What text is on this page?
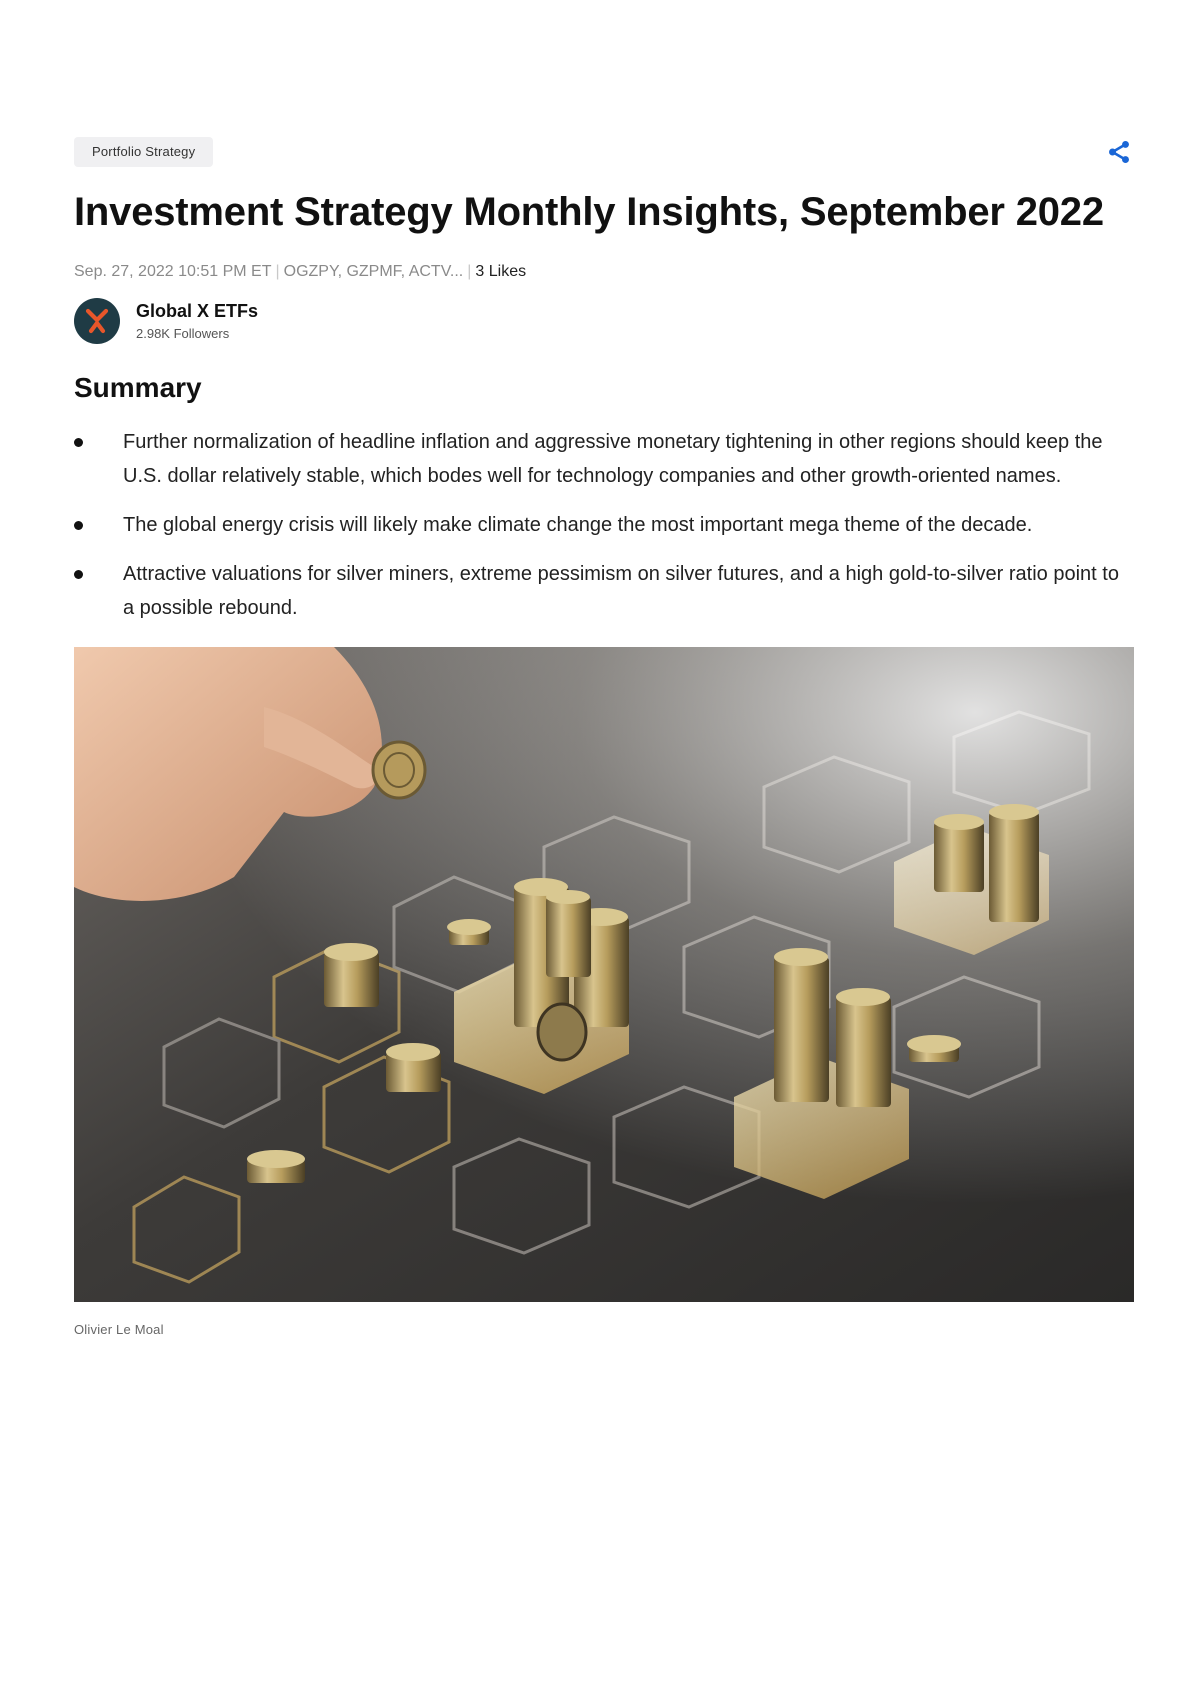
Portfolio Strategy
Investment Strategy Monthly Insights, September 2022
Sep. 27, 2022 10:51 PM ET | OGZPY, GZPMF, ACTV... | 3 Likes
Global X ETFs
2.98K Followers
Summary
Further normalization of headline inflation and aggressive monetary tightening in other regions should keep the U.S. dollar relatively stable, which bodes well for technology companies and other growth-oriented names.
The global energy crisis will likely make climate change the most important mega theme of the decade.
Attractive valuations for silver miners, extreme pessimism on silver futures, and a high gold-to-silver ratio point to a possible rebound.
Olivier Le Moal
